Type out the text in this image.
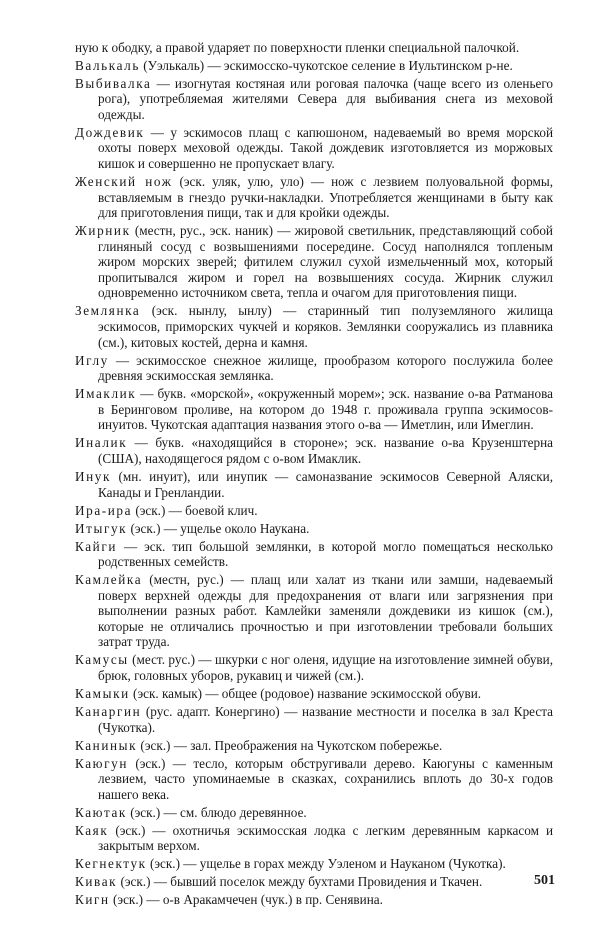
ную к ободку, а правой ударяет по поверхности пленки специальной палочкой.

Валькаль (Уэлькаль) — эскимосско-чукотское селение в Иультинском р-не.

Выбивалка — изогнутая костяная или роговая палочка (чаще всего из оленьего рога), употребляемая жителями Севера для выбивания снега из меховой одежды.

Дождевик — у эскимосов плащ с капюшоном, надеваемый во время морской охоты поверх меховой одежды. Такой дождевик изготовляется из моржовых кишок и совершенно не пропускает влагу.

Женский нож (эск. уляк, улю, уло) — нож с лезвием полуовальной формы, вставляемым в гнездо ручки-накладки. Употребляется женщинами в быту как для приготовления пищи, так и для кройки одежды.

Жирник (местн, рус., эск. наник) — жировой светильник, представляющий собой глиняный сосуд с возвышениями посередине. Сосуд наполнялся топленым жиром морских зверей; фитилем служил сухой измельченный мох, который пропитывался жиром и горел на возвышениях сосуда. Жирник служил одновременно источником света, тепла и очагом для приготовления пищи.

Землянка (эск. нынлу, ынлу) — старинный тип полуземляного жилища эскимосов, приморских чукчей и коряков. Землянки сооружались из плавника (см.), китовых костей, дерна и камня.

Иглу — эскимосское снежное жилище, прообразом которого послужила более древняя эскимосская землянка.

Имаклик — букв. «морской», «окруженный морем»; эск. название о-ва Ратманова в Беринговом проливе, на котором до 1948 г. проживала группа эскимосов-инуитов. Чукотская адаптация названия этого о-ва — Иметлин, или Имеглин.

Иналик — букв. «находящийся в стороне»; эск. название о-ва Крузенштерна (США), находящегося рядом с о-вом Имаклик.

Инук (мн. инуит), или инупик — самоназвание эскимосов Северной Аляски, Канады и Гренландии.

Ира-ира (эск.) — боевой клич.

Итыгук (эск.) — ущелье около Наукана.

Кайги — эск. тип большой землянки, в которой могло помещаться несколько родственных семейств.

Камлейка (местн, рус.) — плащ или халат из ткани или замши, надеваемый поверх верхней одежды для предохранения от влаги или загрязнения при выполнении разных работ. Камлейки заменяли дождевики из кишок (см.), которые не отличались прочностью и при изготовлении требовали больших затрат труда.

Камусы (мест. рус.) — шкурки с ног оленя, идущие на изготовление зимней обуви, брюк, головных уборов, рукавиц и чижей (см.).

Камыки (эск. камык) — общее (родовое) название эскимосской обуви.

Канаргин (рус. адапт. Конергино) — название местности и поселка в зал Креста (Чукотка).

Канинык (эск.) — зал. Преображения на Чукотском побережье.

Каюгун (эск.) — тесло, которым обстругивали дерево. Каюгуны с каменным лезвием, часто упоминаемые в сказках, сохранились вплоть до 30-х годов нашего века.

Каютак (эск.) — см. блюдо деревянное.

Каяк (эск.) — охотничья эскимосская лодка с легким деревянным каркасом и закрытым верхом.

Кегнектук (эск.) — ущелье в горах между Уэленом и Науканом (Чукотка).

Кивак (эск.) — бывший поселок между бухтами Провидения и Ткачен.

Кигн (эск.) — о-в Аракамчечен (чук.) в пр. Сенявина.

501
